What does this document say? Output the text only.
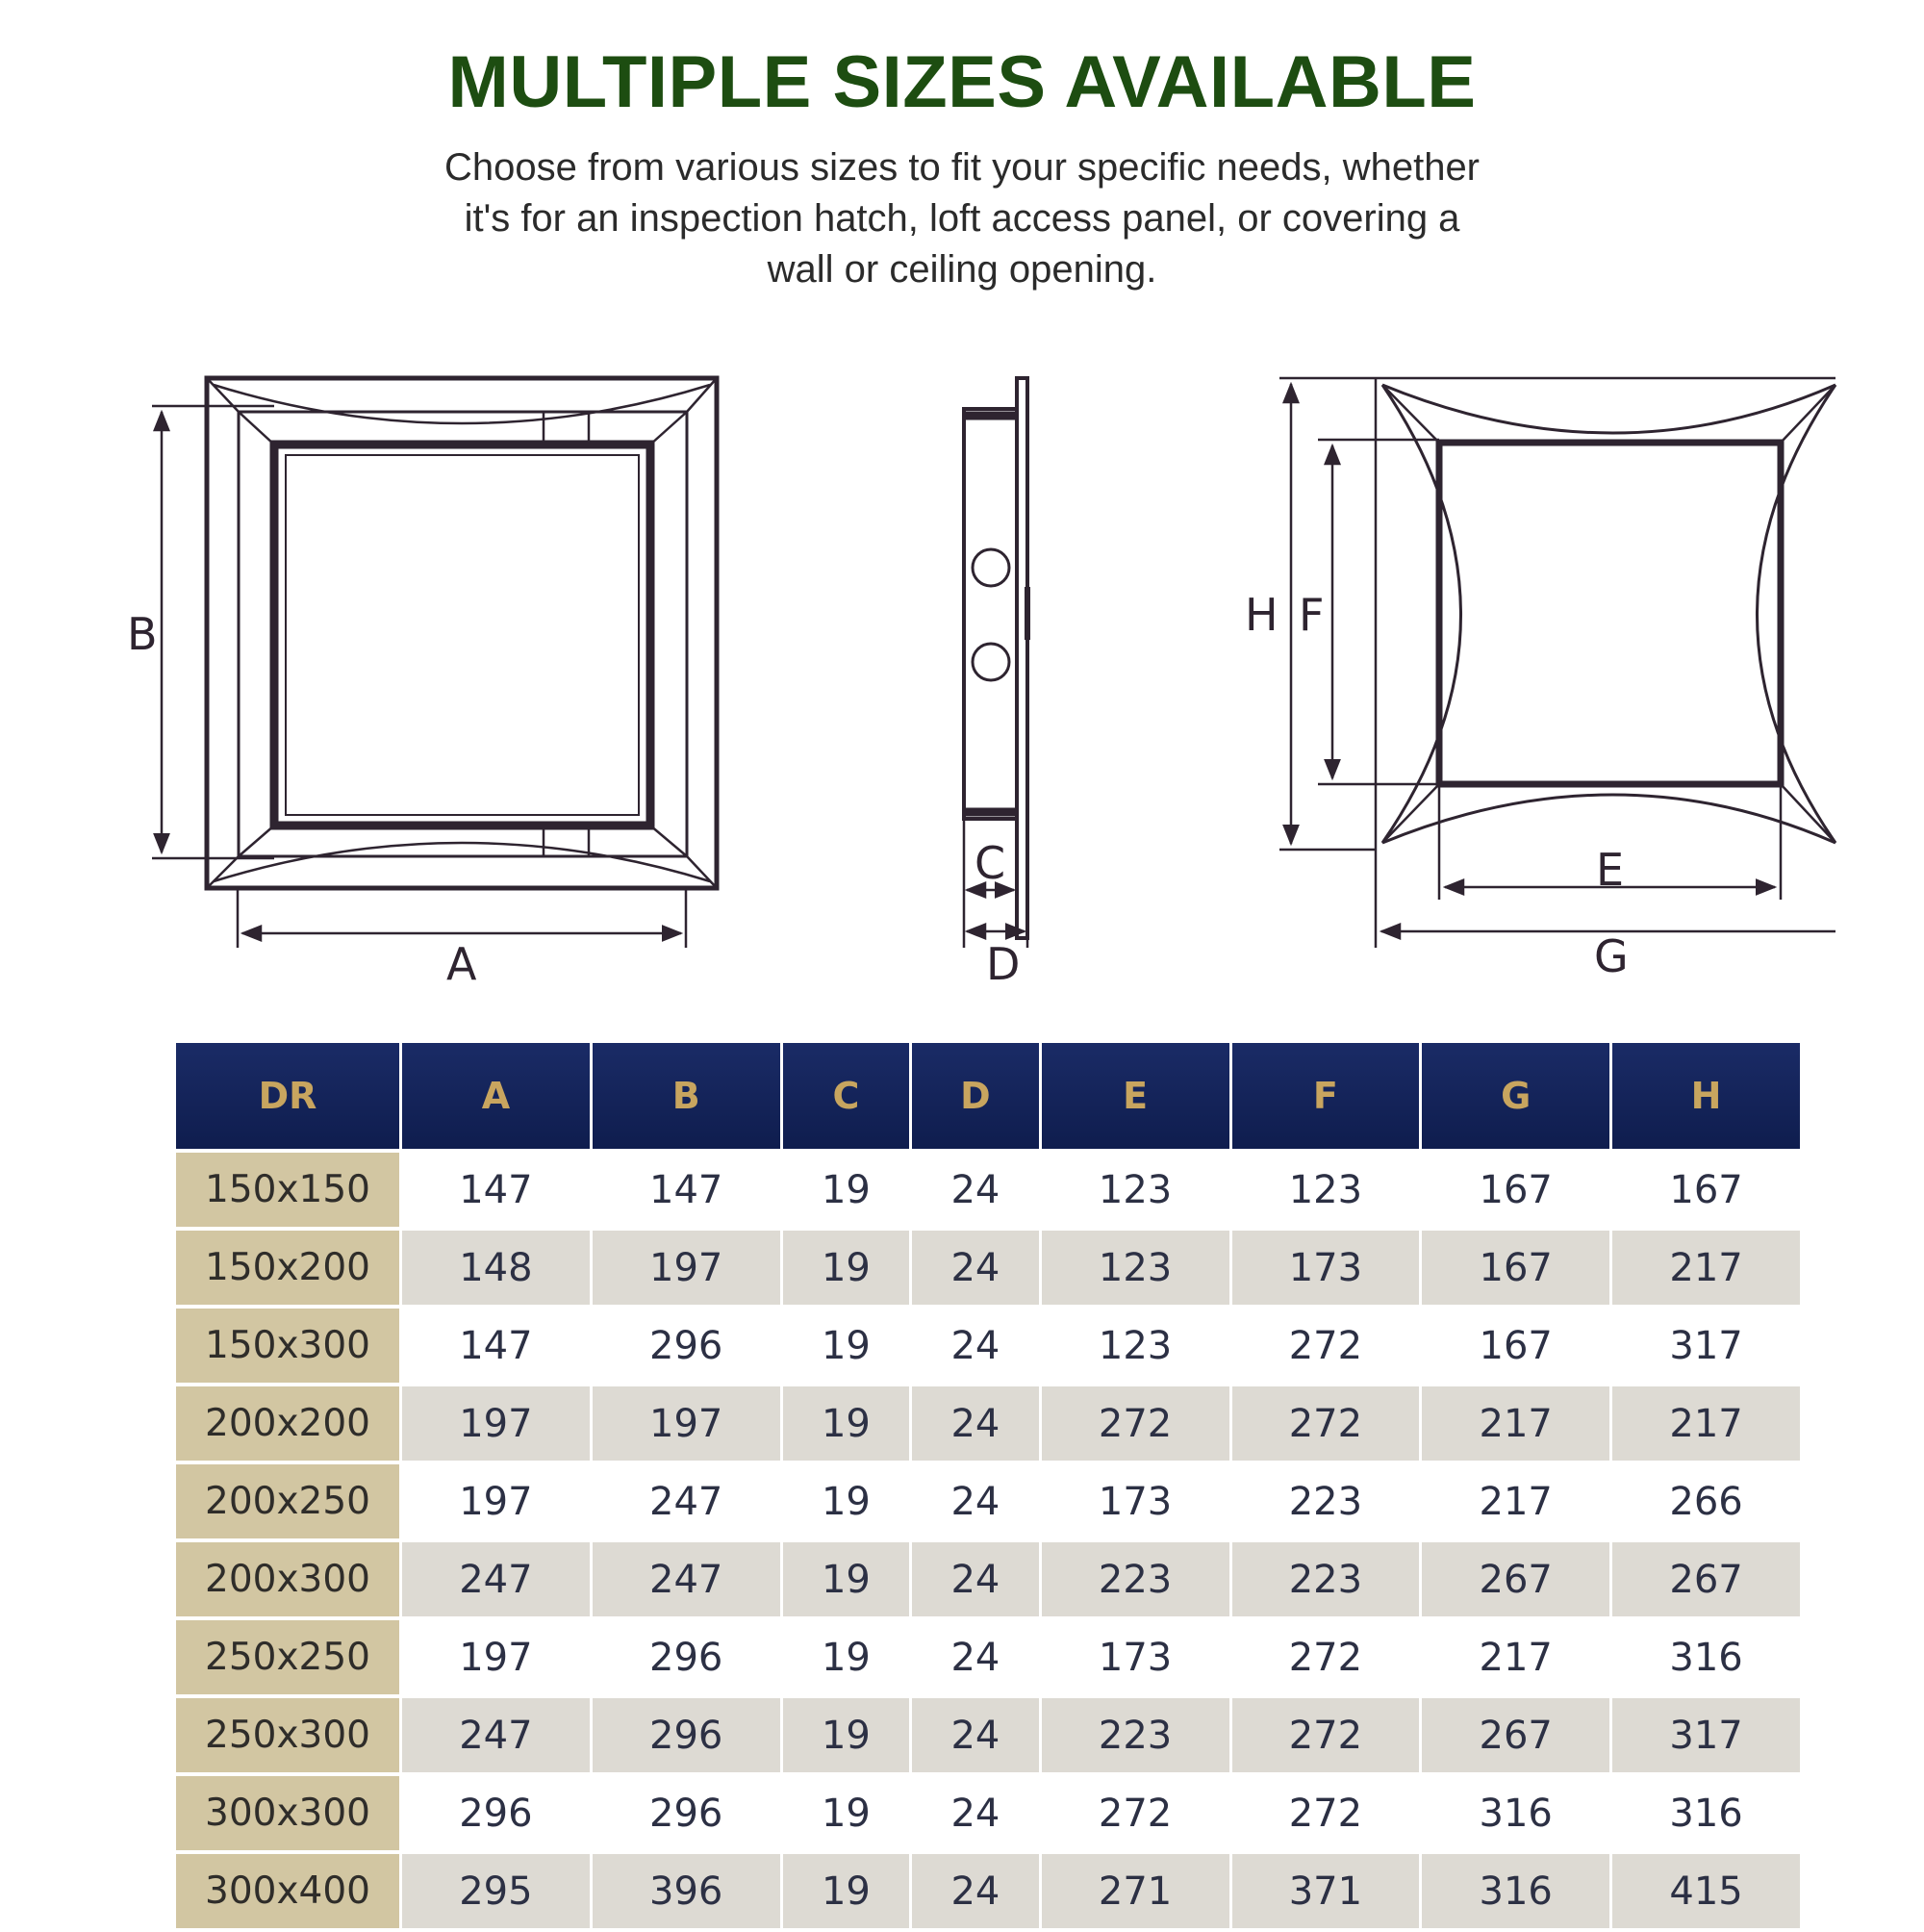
MULTIPLE SIZES AVAILABLE
Choose from various sizes to fit your specific needs, whether
it's for an inspection hatch, loft access panel, or covering a
wall or ceiling opening.
B
A
C
D
H F
E
G
DR	A	B	C	D	E	F	G	H
150x150	147	147	19	24	123	123	167	167
150x200	148	197	19	24	123	173	167	217
150x300	147	296	19	24	123	272	167	317
200x200	197	197	19	24	272	272	217	217
200x250	197	247	19	24	173	223	217	266
200x300	247	247	19	24	223	223	267	267
250x250	197	296	19	24	173	272	217	316
250x300	247	296	19	24	223	272	267	317
300x300	296	296	19	24	272	272	316	316
300x400	295	396	19	24	271	371	316	415
